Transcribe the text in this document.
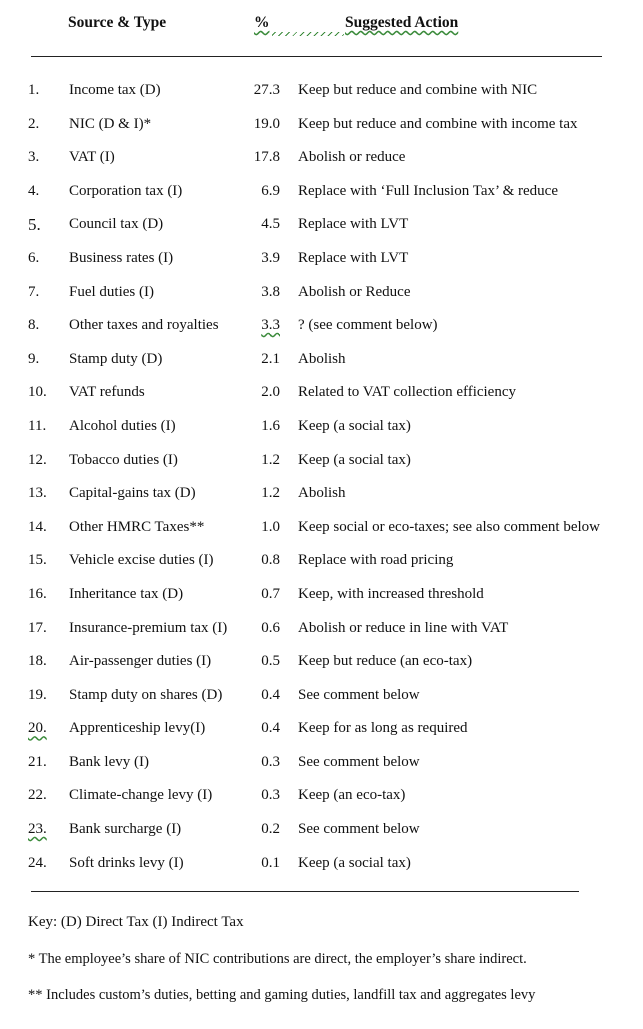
Source & Type	%	Suggested Action
1. Income tax (D)	27.3 Keep but reduce and combine with NIC
2. NIC (D & I)*	19.0 Keep but reduce and combine with income tax
3. VAT (I)	17.8 Abolish or reduce
4. Corporation tax (I)	6.9 Replace with ‘Full Inclusion Tax’ & reduce
5. Council tax (D)	4.5 Replace with LVT
6. Business rates (I)	3.9 Replace with LVT
7. Fuel duties (I)	3.8 Abolish or Reduce
8. Other taxes and royalties	3.3 ? (see comment below)
9. Stamp duty (D)	2.1 Abolish
10. VAT refunds	2.0 Related to VAT collection efficiency
11. Alcohol duties (I)	1.6 Keep (a social tax)
12. Tobacco duties (I)	1.2 Keep (a social tax)
13. Capital-gains tax (D)	1.2 Abolish
14. Other HMRC Taxes**	1.0 Keep social or eco-taxes; see also comment below
15. Vehicle excise duties (I)	0.8 Replace with road pricing
16. Inheritance tax (D)	0.7 Keep, with increased threshold
17. Insurance-premium tax (I)	0.6 Abolish or reduce in line with VAT
18. Air-passenger duties (I)	0.5 Keep but reduce (an eco-tax)
19. Stamp duty on shares (D)	0.4 See comment below
20. Apprenticeship levy(I)	0.4 Keep for as long as required
21. Bank levy (I)	0.3 See comment below
22. Climate-change levy (I)	0.3 Keep (an eco-tax)
23. Bank surcharge (I)	0.2 See comment below
24. Soft drinks levy (I)	0.1 Keep (a social tax)
Key: (D) Direct Tax (I) Indirect Tax
* The employee’s share of NIC contributions are direct, the employer’s share indirect.
** Includes custom’s duties, betting and gaming duties, landfill tax and aggregates levy
